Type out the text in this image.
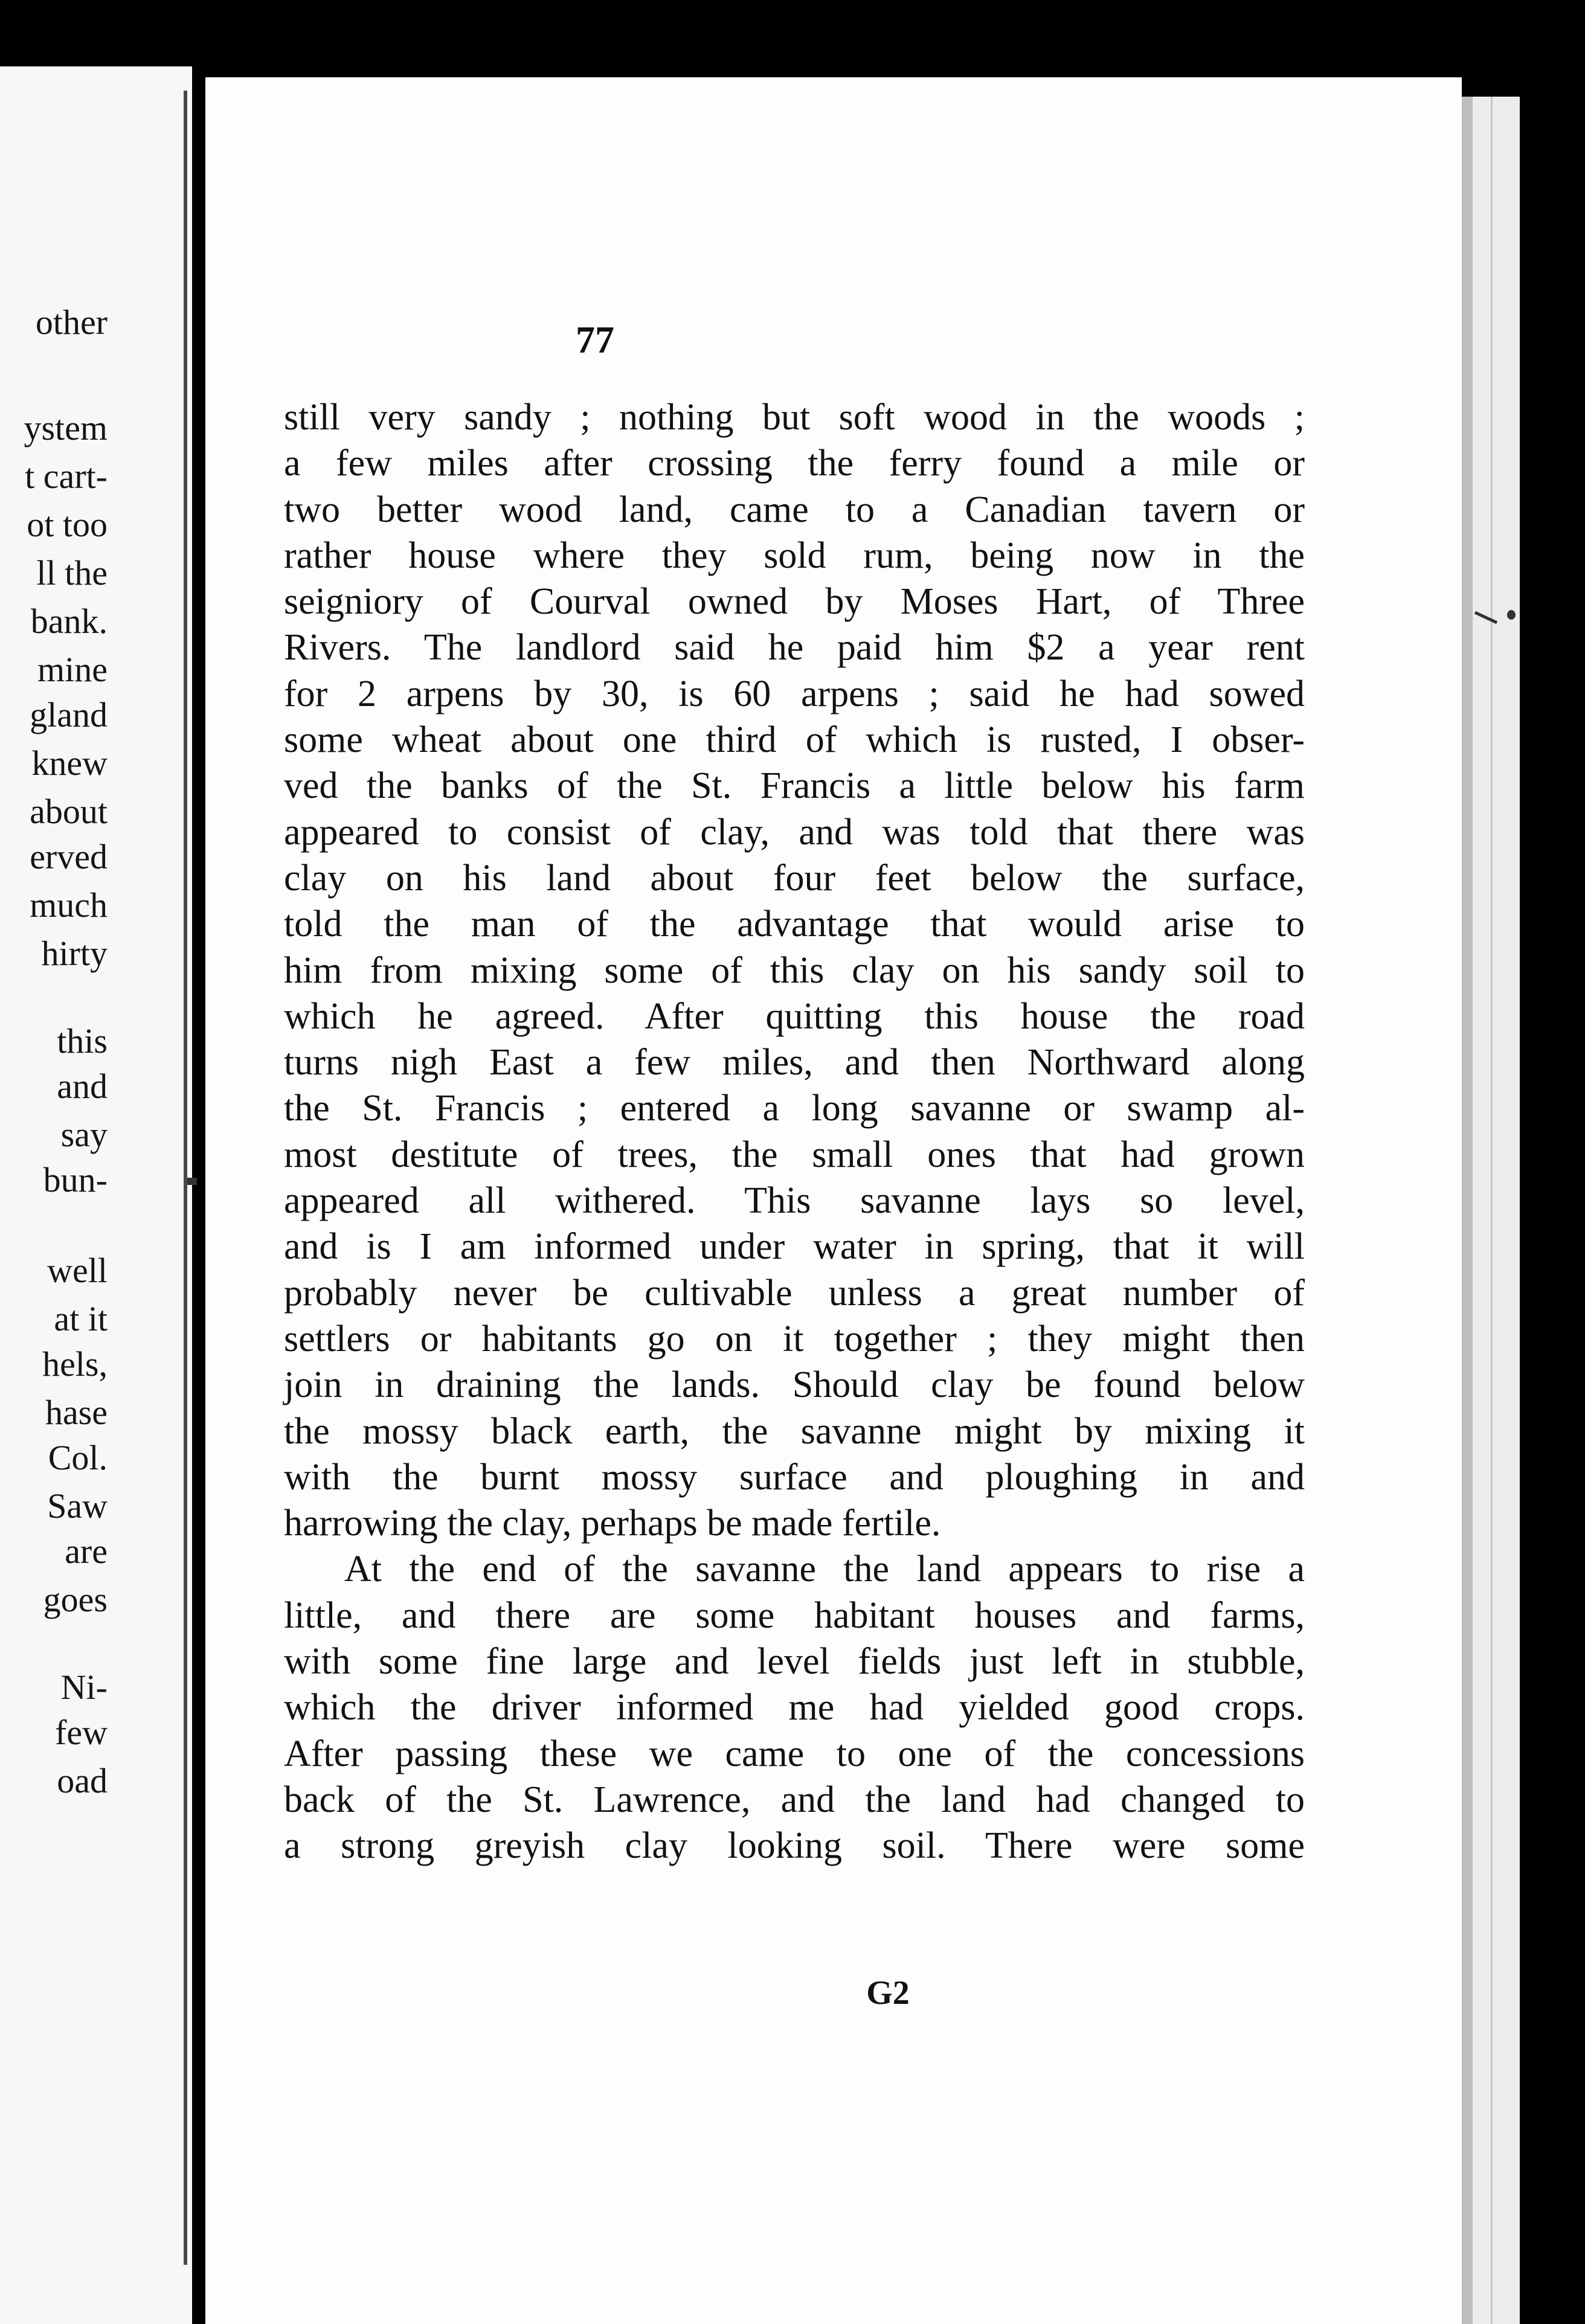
other
ystem
t cart-
ot too
ll the
bank.
mine
gland
knew
about
erved
much
hirty
this
and
say
bun-
well
at it
hels,
hase
Col.
Saw
are
goes
Ni-
few
oad
77
still very sandy ; nothing but soft wood in the woods ;
a few miles after crossing the ferry found a mile or
two better wood land, came to a Canadian tavern or
rather house where they sold rum, being now in the
seigniory of Courval owned by Moses Hart, of Three
Rivers. The landlord said he paid him $2 a year rent
for 2 arpens by 30, is 60 arpens ; said he had sowed
some wheat about one third of which is rusted, I obser-
ved the banks of the St. Francis a little below his farm
appeared to consist of clay, and was told that there was
clay on his land about four feet below the surface,
told the man of the advantage that would arise to
him from mixing some of this clay on his sandy soil to
which he agreed. After quitting this house the road
turns nigh East a few miles, and then Northward along
the St. Francis ; entered a long savanne or swamp al-
most destitute of trees, the small ones that had grown
appeared all withered. This savanne lays so level,
and is I am informed under water in spring, that it will
probably never be cultivable unless a great number of
settlers or habitants go on it together ; they might then
join in draining the lands. Should clay be found below
the mossy black earth, the savanne might by mixing it
with the burnt mossy surface and ploughing in and
harrowing the clay, perhaps be made fertile.
At the end of the savanne the land appears to rise a
little, and there are some habitant houses and farms,
with some fine large and level fields just left in stubble,
which the driver informed me had yielded good crops.
After passing these we came to one of the concessions
back of the St. Lawrence, and the land had changed to
a strong greyish clay looking soil. There were some
G2
